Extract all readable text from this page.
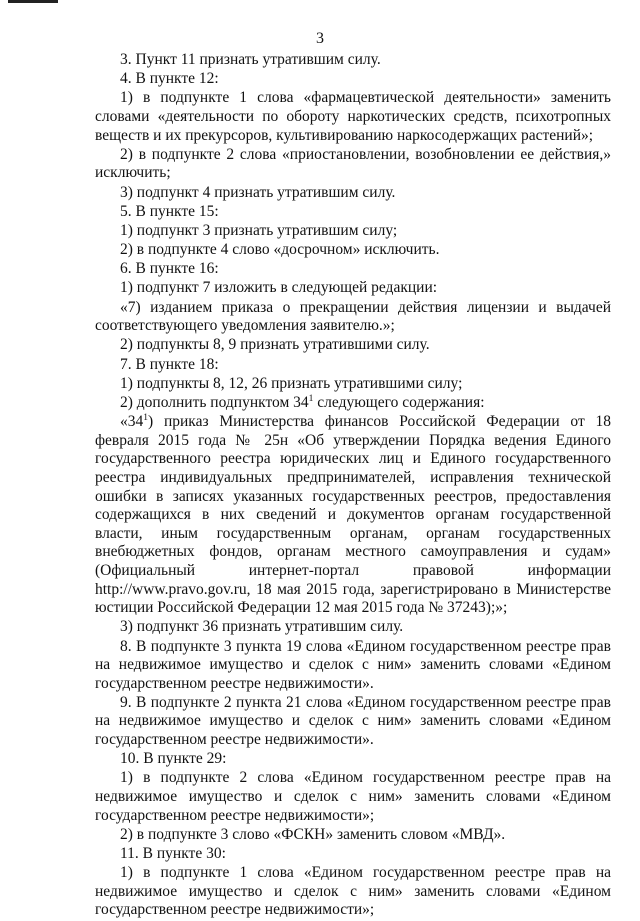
3

3. Пункт 11 признать утратившим силу.

4. В пункте 12:

1) в подпункте 1 слова «фармацевтической деятельности» заменить словами «деятельности по обороту наркотических средств, психотропных веществ и их прекурсоров, культивированию наркосодержащих растений»;

2) в подпункте 2 слова «приостановлении, возобновлении ее действия,» исключить;

3) подпункт 4 признать утратившим силу.

5. В пункте 15:

1) подпункт 3 признать утратившим силу;

2) в подпункте 4 слово «досрочном» исключить.

6. В пункте 16:

1) подпункт 7 изложить в следующей редакции:

«7) изданием приказа о прекращении действия лицензии и выдачей соответствующего уведомления заявителю.»;

2) подпункты 8, 9 признать утратившими силу.

7. В пункте 18:

1) подпункты 8, 12, 26 признать утратившими силу;

2) дополнить подпунктом $34^1$ следующего содержания:

«$34^1$) приказ Министерства финансов Российской Федерации от 18 февраля 2015 года № 25н «Об утверждении Порядка ведения Единого государственного реестра юридических лиц и Единого государственного реестра индивидуальных предпринимателей, исправления технической ошибки в записях указанных государственных реестров, предоставления содержащихся в них сведений и документов органам государственной власти, иным государственным органам, органам государственных внебюджетных фондов, органам местного самоуправления и судам» (Официальный интернет-портал правовой информации http://www.pravo.gov.ru, 18 мая 2015 года, зарегистрировано в Министерстве юстиции Российской Федерации 12 мая 2015 года № 37243);»;

3) подпункт 36 признать утратившим силу.

8. В подпункте 3 пункта 19 слова «Едином государственном реестре прав на недвижимое имущество и сделок с ним» заменить словами «Едином государственном реестре недвижимости».

9. В подпункте 2 пункта 21 слова «Едином государственном реестре прав на недвижимое имущество и сделок с ним» заменить словами «Едином государственном реестре недвижимости».

10. В пункте 29:

1) в подпункте 2 слова «Едином государственном реестре прав на недвижимое имущество и сделок с ним» заменить словами «Едином государственном реестре недвижимости»;

2) в подпункте 3 слово «ФСКН» заменить словом «МВД».

11. В пункте 30:

1) в подпункте 1 слова «Едином государственном реестре прав на недвижимое имущество и сделок с ним» заменить словами «Едином государственном реестре недвижимости»;
